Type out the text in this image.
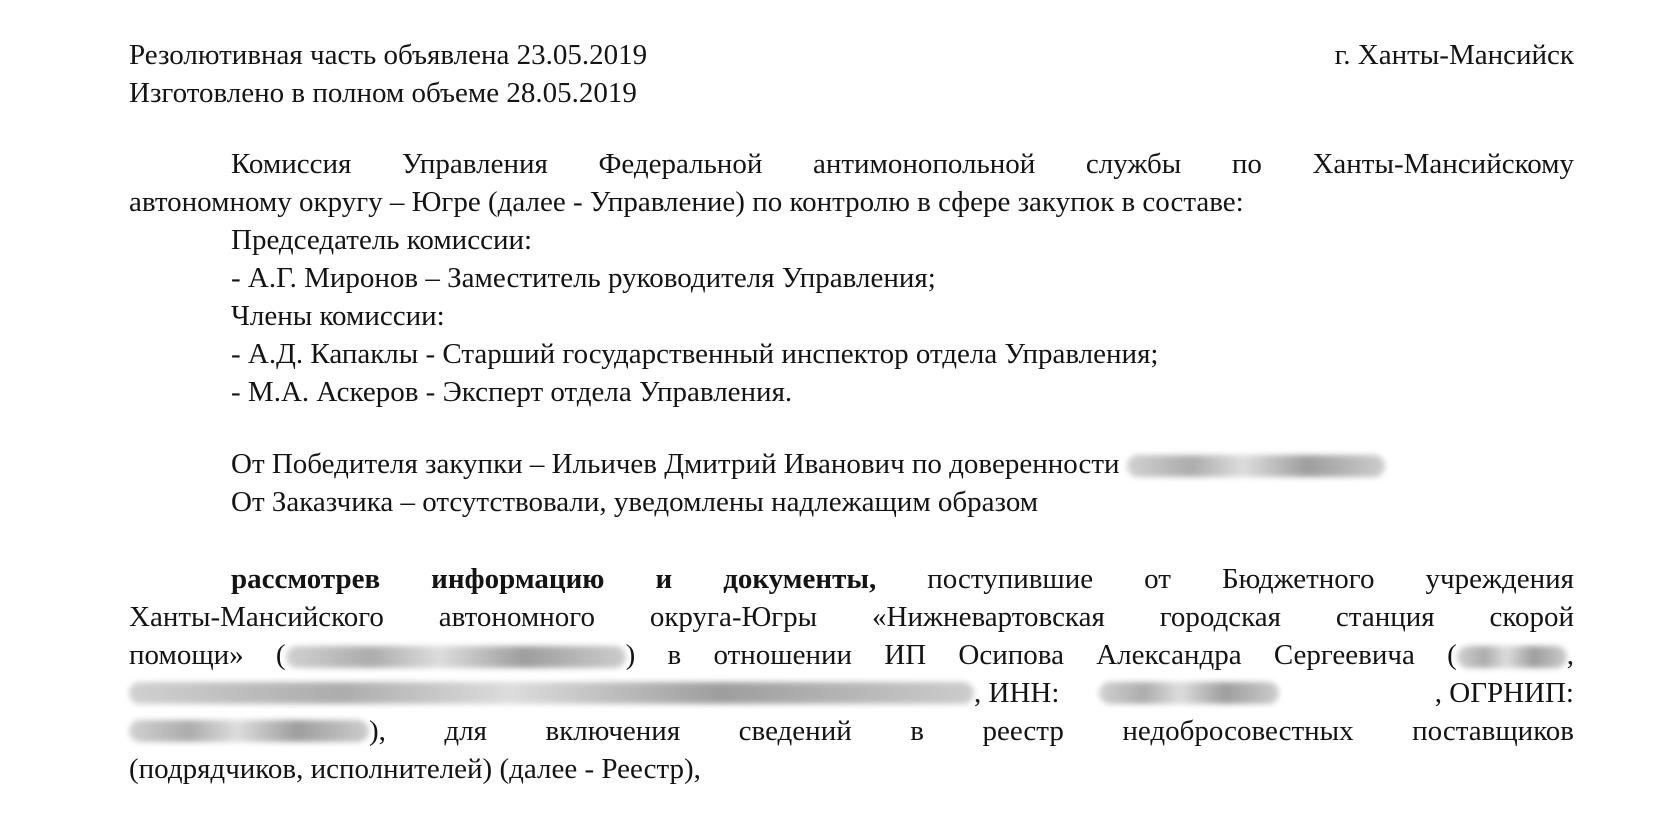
Резолютивная часть объявлена 23.05.2019
Изготовлено в полном объеме 28.05.2019
г. Ханты-Мансийск
Комиссия Управления Федеральной антимонопольной службы по Ханты-Мансийскому
автономному округу – Югре (далее - Управление) по контролю в сфере закупок в составе:
Председатель комиссии:
- А.Г. Миронов – Заместитель руководителя Управления;
Члены комиссии:
- А.Д. Капаклы - Старший государственный инспектор отдела Управления;
- М.А. Аскеров - Эксперт отдела Управления.
От Победителя закупки – Ильичев Дмитрий Иванович по доверенности
От Заказчика – отсутствовали, уведомлены надлежащим образом
рассмотрев информацию и документы, поступившие от Бюджетного учреждения
Ханты-Мансийского автономного округа-Югры «Нижневартовская городская станция скорой
помощи» (	) в отношении ИП Осипова Александра Сергеевича (	,
, ИНН:	, ОГРНИП:
), для включения сведений в реестр недобросовестных поставщиков
(подрядчиков, исполнителей) (далее - Реестр),
